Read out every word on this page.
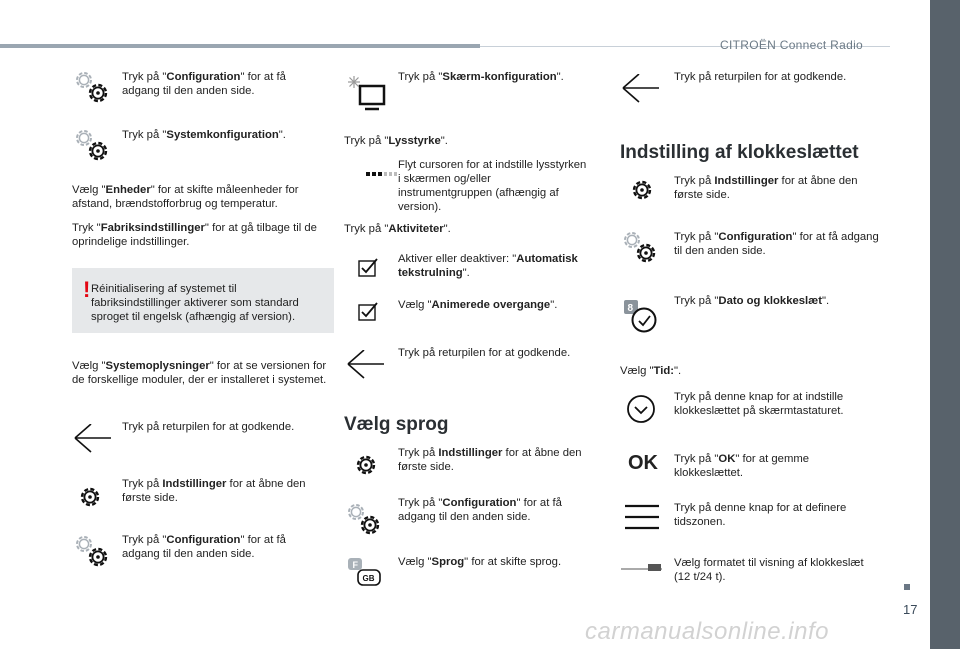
CITROËN Connect Radio
17
carmanualsonline.info
Tryk på "Configuration" for at få adgang til den anden side.
Tryk på "Systemkonfiguration".
Vælg "Enheder" for at skifte måleenheder for afstand, brændstofforbrug og temperatur.
Tryk "Fabriksindstillinger" for at gå tilbage til de oprindelige indstillinger.
! Réinitialisering af systemet til fabriksindstillinger aktiverer som standard sproget til engelsk (afhængig af version).
Vælg "Systemoplysninger" for at se versionen for de forskellige moduler, der er installeret i systemet.
Tryk på returpilen for at godkende.
Tryk på Indstillinger for at åbne den første side.
Tryk på "Configuration" for at få adgang til den anden side.
Tryk på "Skærm-konfiguration".
Tryk på "Lysstyrke".
Flyt cursoren for at indstille lysstyrken i skærmen og/eller instrumentgruppen (afhængig af version).
Tryk på "Aktiviteter".
Aktiver eller deaktiver: "Automatisk tekstrulning".
Vælg "Animerede overgange".
Tryk på returpilen for at godkende.
Vælg sprog
Tryk på Indstillinger for at åbne den første side.
Tryk på "Configuration" for at få adgang til den anden side.
F
GB
Vælg "Sprog" for at skifte sprog.
Tryk på returpilen for at godkende.
Indstilling af klokkeslættet
Tryk på Indstillinger for at åbne den første side.
Tryk på "Configuration" for at få adgang til den anden side.
8
Tryk på "Dato og klokkeslæt".
Vælg "Tid:".
Tryk på denne knap for at indstille klokkeslættet på skærmtastaturet.
OK Tryk på "OK" for at gemme klokkeslættet.
Tryk på denne knap for at definere tidszonen.
Vælg formatet til visning af klokkeslæt (12 t/24 t).
